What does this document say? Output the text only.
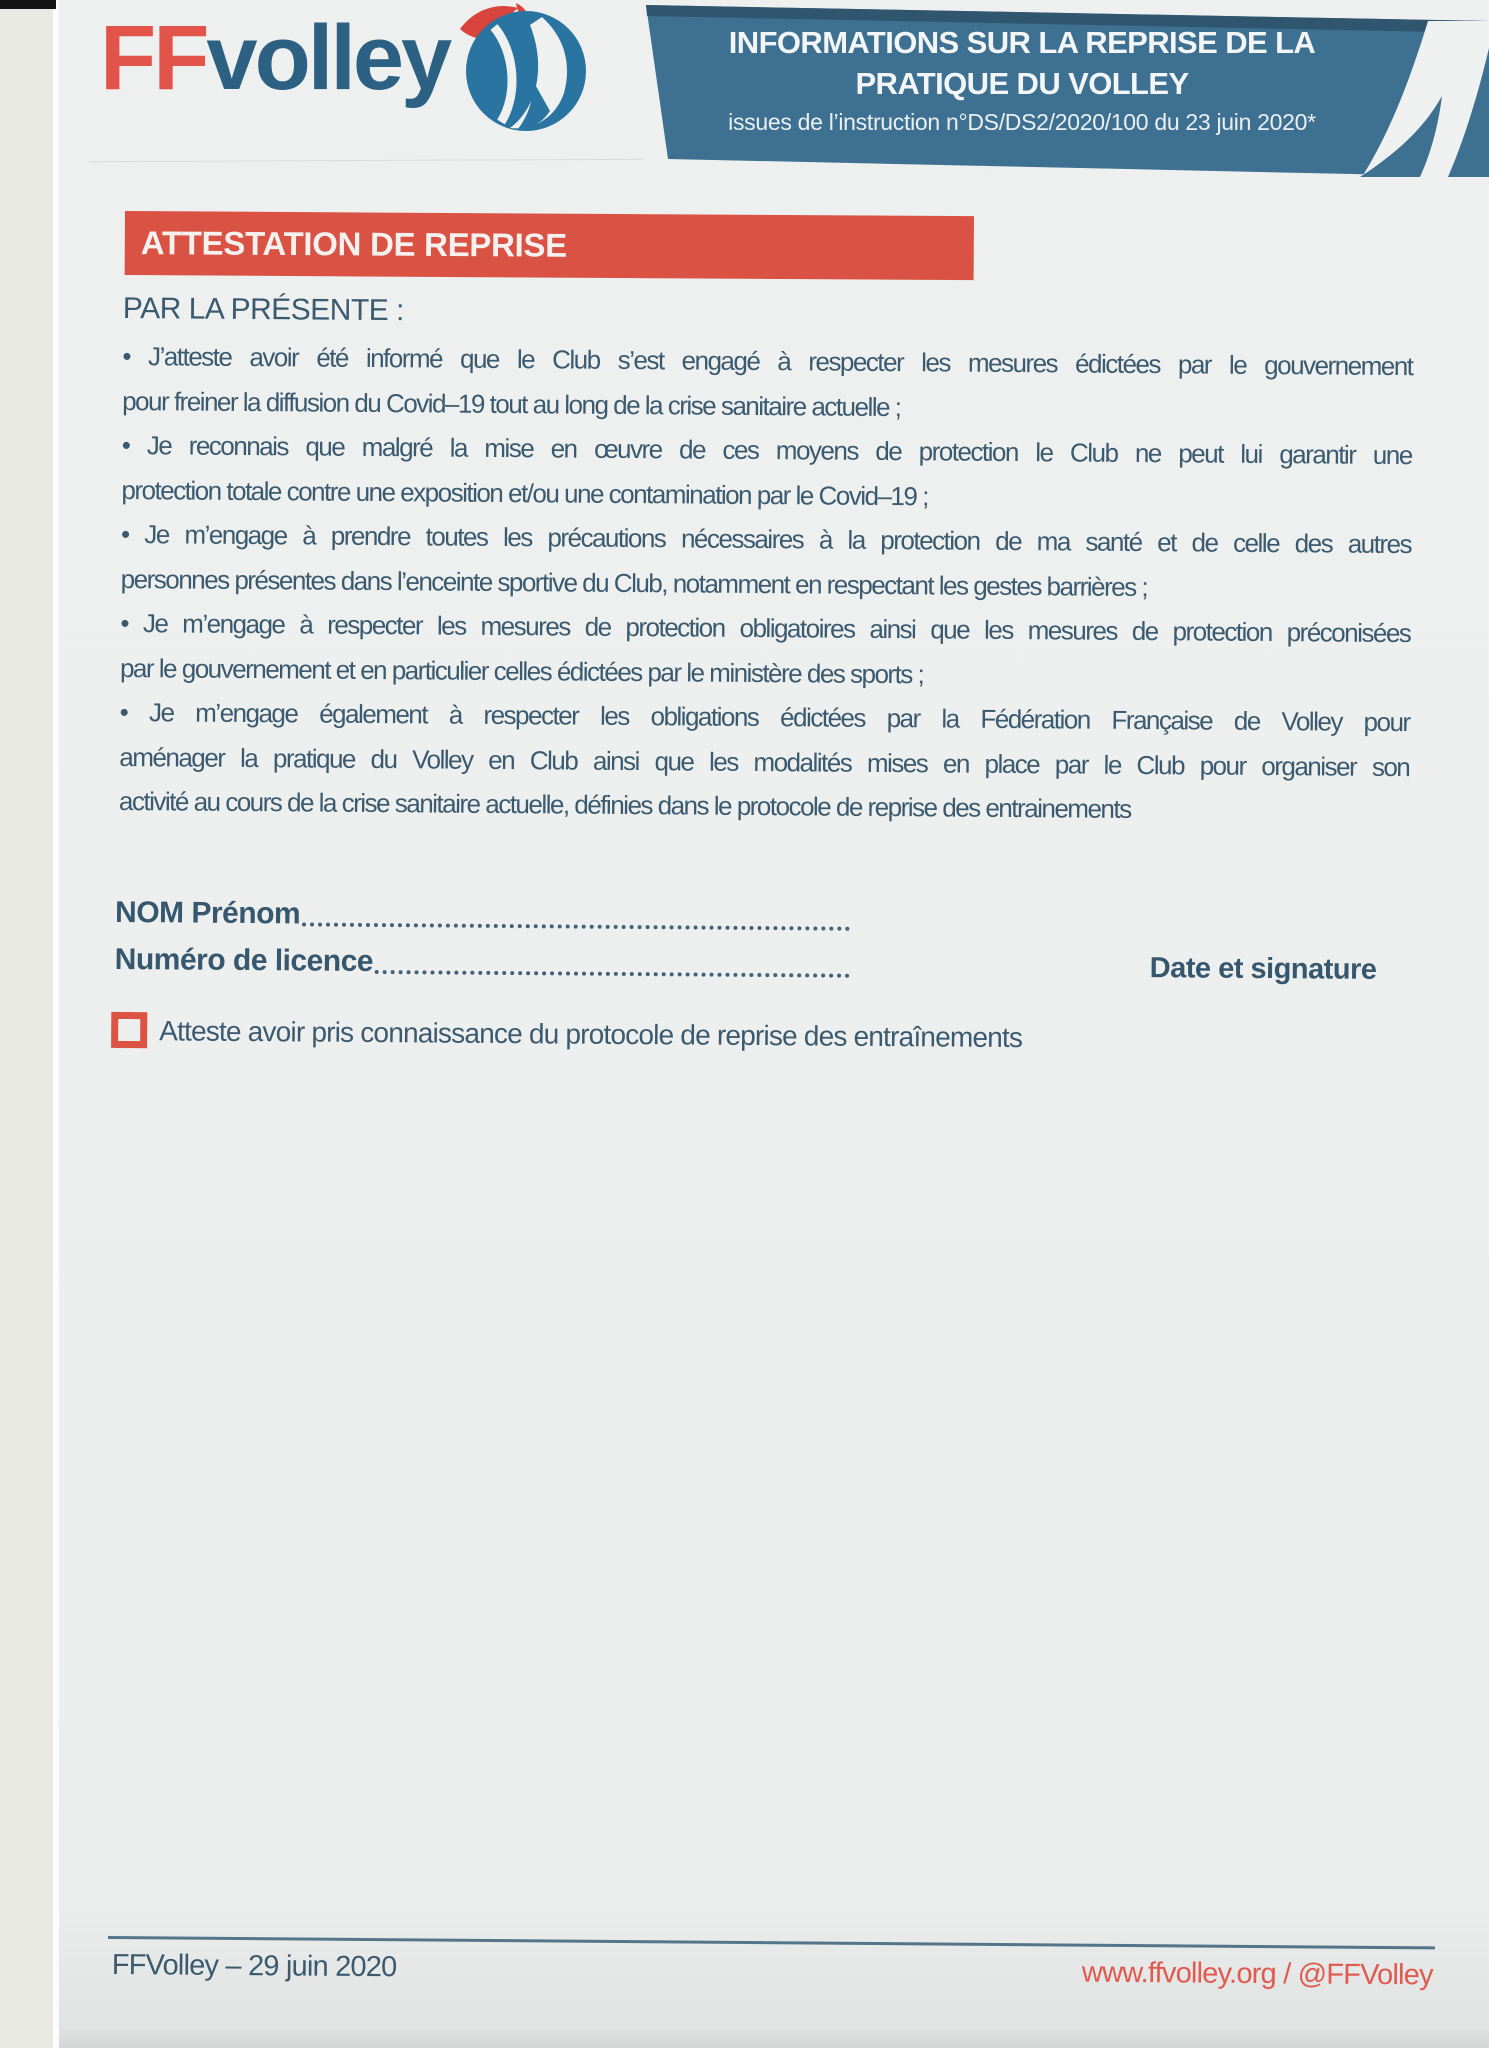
INFORMATIONS SUR LA REPRISE DE LA
PRATIQUE DU VOLLEY
issues de l’instruction n°DS/DS2/2020/100 du 23 juin 2020*
FFvolley
ATTESTATION DE REPRISE
PAR LA PRÉSENTE :
• J’atteste avoir été informé que le Club s’est engagé à respecter les mesures édictées par le gouvernement
pour freiner la diffusion du Covid–19 tout au long de la crise sanitaire actuelle ;
• Je reconnais que malgré la mise en œuvre de ces moyens de protection le Club ne peut lui garantir une
protection totale contre une exposition et/ou une contamination par le Covid–19 ;
• Je m’engage à prendre toutes les précautions nécessaires à la protection de ma santé et de celle des autres
personnes présentes dans l’enceinte sportive du Club, notamment en respectant les gestes barrières ;
• Je m’engage à respecter les mesures de protection obligatoires ainsi que les mesures de protection préconisées
par le gouvernement et en particulier celles édictées par le ministère des sports ;
• Je m’engage également à respecter les obligations édictées par la Fédération Française de Volley pour
aménager la pratique du Volley en Club ainsi que les modalités mises en place par le Club pour organiser son
activité au cours de la crise sanitaire actuelle, définies dans le protocole de reprise des entrainements
NOM Prénom
Numéro de licence	Date et signature
Atteste avoir pris connaissance du protocole de reprise des entraînements
FFVolley – 29 juin 2020	www.ffvolley.org / @FFVolley
